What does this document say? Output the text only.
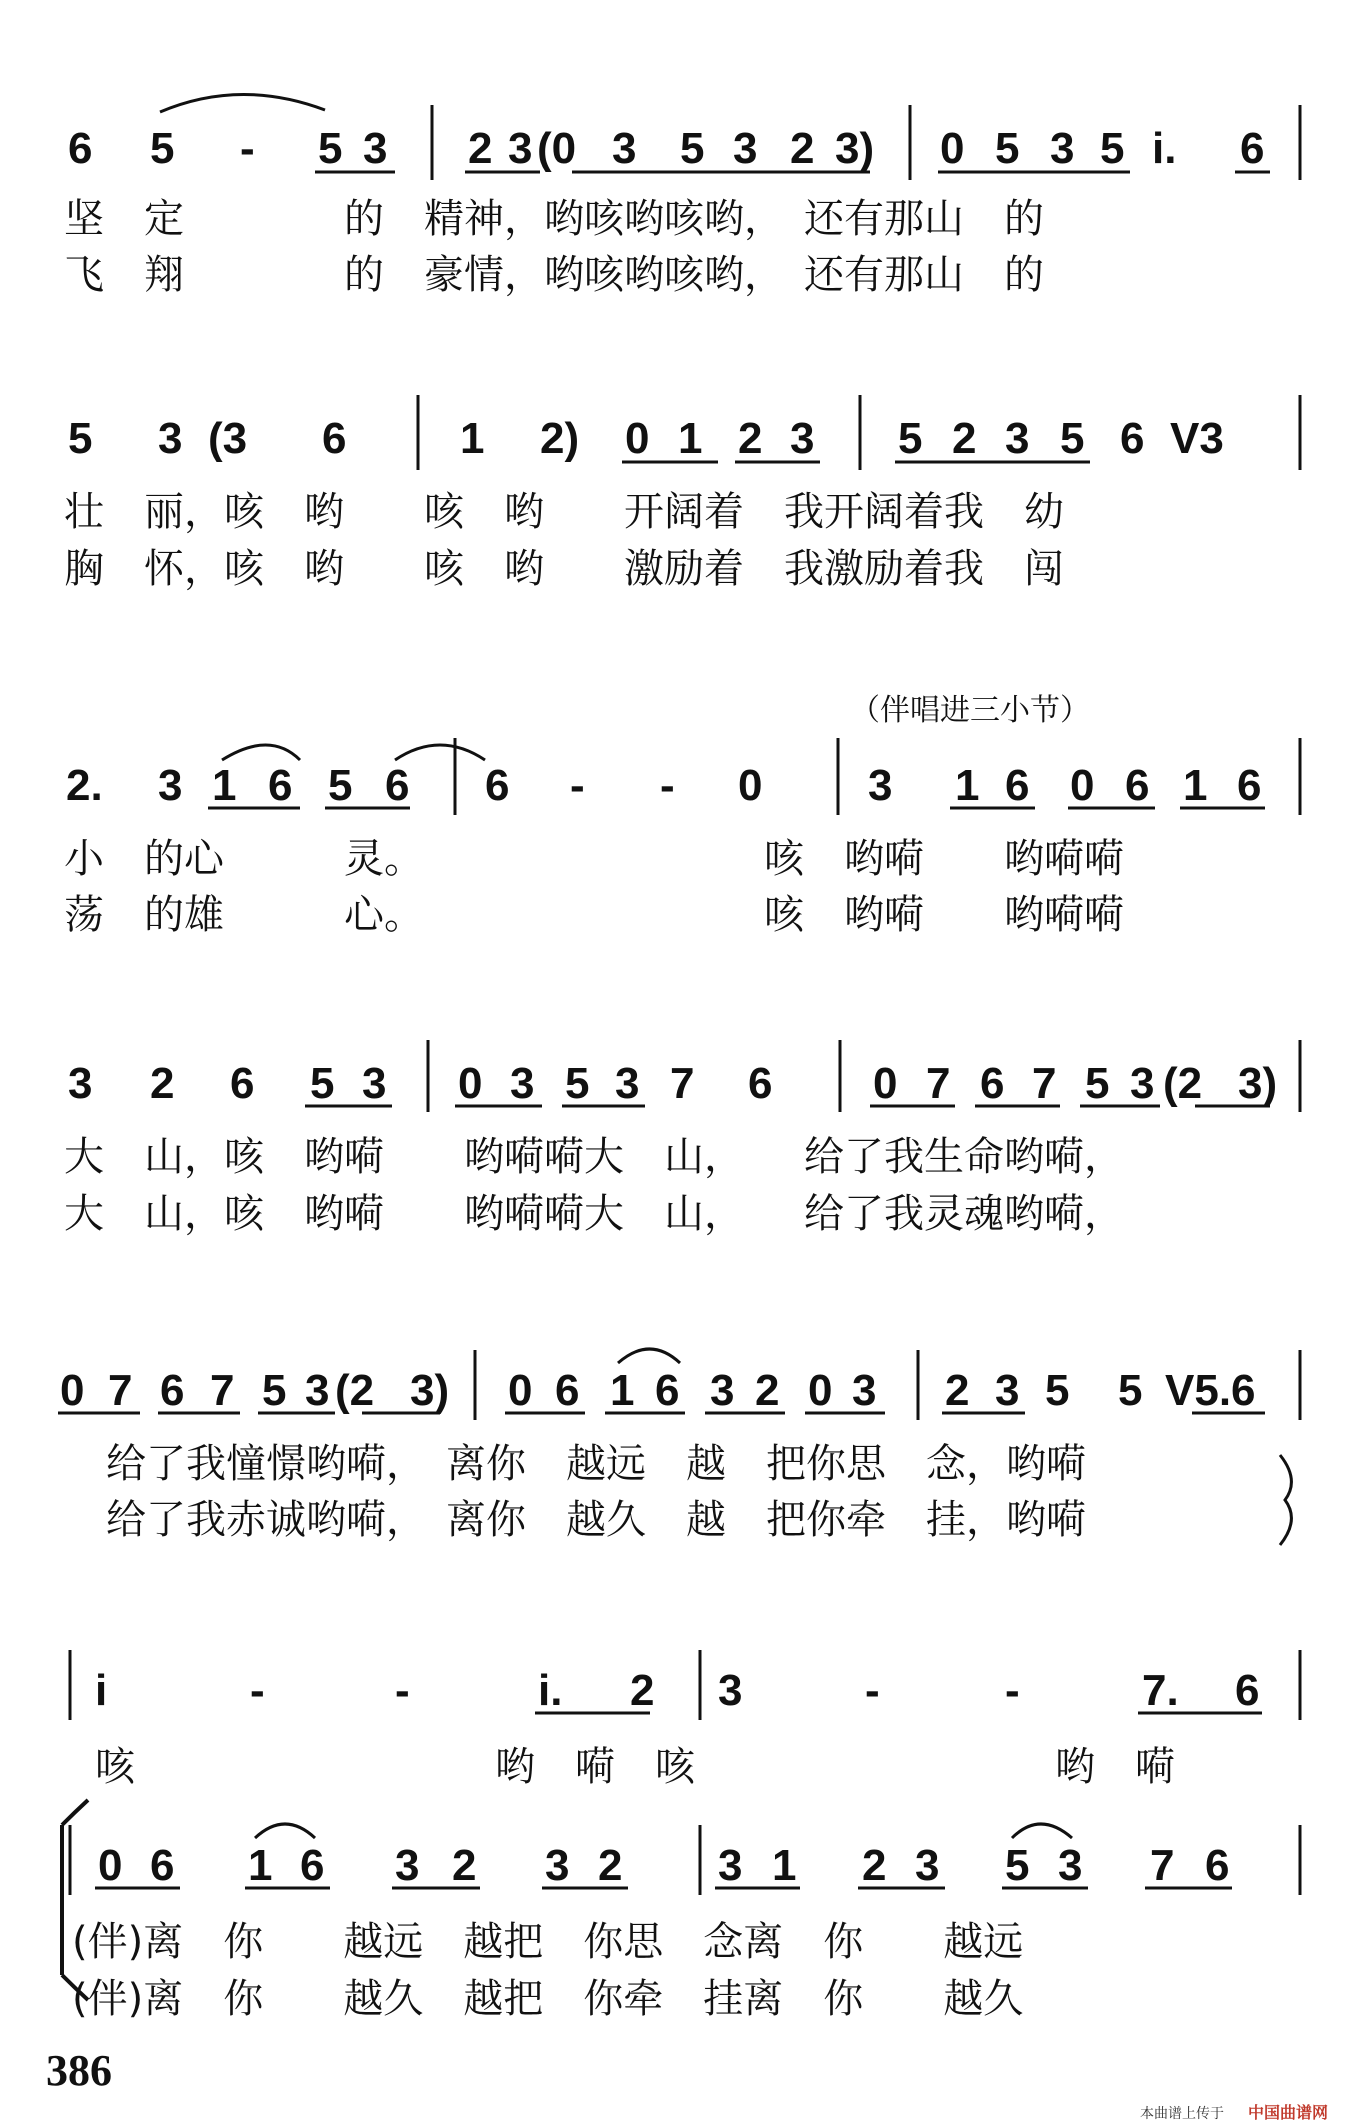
6 5 - 5 3 2 3 (0 3 5 3 2 3) 0 5 3 5 i. 6
坚　定　　　　的　精神，哟咳哟咳哟，　还有那山　的
飞　翔　　　　的　豪情，哟咳哟咳哟，　还有那山　的
5 3 (3 6	1 2) 0 1 2 3 5 2 3 5 6 V3
壮　丽，咳　哟　　咳　哟　　开阔着　我开阔着我　幼
胸　怀，咳　哟　　咳　哟　　激励着　我激励着我　闯
（伴唱进三小节）
2. 3 1 6 5 6 6 - - 0 3 1 6 0 6 1 6
小　的心　　　灵。　　　　　　　　　咳　哟嗬　　哟嗬嗬
荡　的雄　　　心。　　　　　　　　　咳　哟嗬　　哟嗬嗬
3 2 6 5 3 0 3 5 3 7 6 0 7 6 7 5 3 (2 3)
大　山，咳　哟嗬　　哟嗬嗬大　山，　　给了我生命哟嗬，
大　山，咳　哟嗬　　哟嗬嗬大　山，　　给了我灵魂哟嗬，
0 7 6 7 5 3 (2 3) 0 6 1 6 3 2 0 3 2 3 5 5 V5.6
给了我憧憬哟嗬，　离你　越远　越　把你思　念，哟嗬
给了我赤诚哟嗬，　离你　越久　越　把你牵　挂，哟嗬
i	-	-	i. 2 3	-	-	7. 6
咳　　　　　　　　　哟　嗬　咳　　　　　　　　　哟　嗬
0 6 1 6 3 2 3 2 3 1 2 3 5 3 7 6
(伴)离　你　　越远　越把　你思　念离　你　　越远
(伴)离　你　　越久　越把　你牵　挂离　你　　越久
386
本曲谱上传于 中国曲谱网
